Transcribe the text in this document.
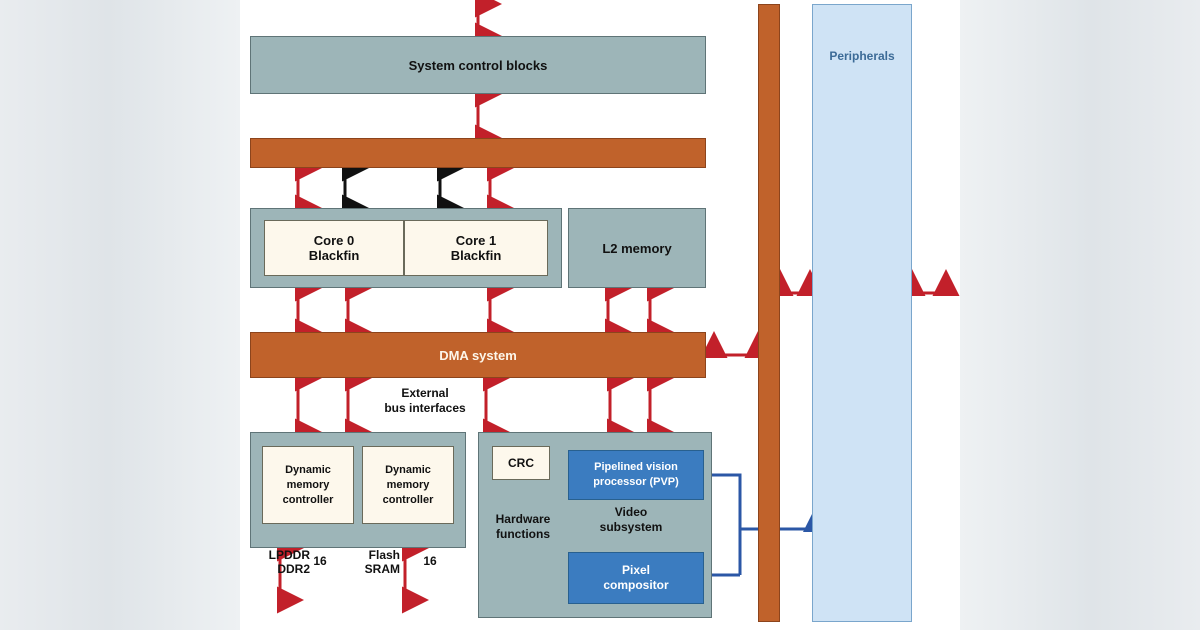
System control blocks
Core 0
Blackfin
Core 1
Blackfin	L2 memory
DMA system
External
bus interfaces
Dynamic
memory
controller
Dynamic
memory
controller
LPDDR
DDR2
16	Flash
SRAM
16
CRC
Hardware
functions
Video
subsystem
Pipelined vision
processor (PVP)
Pixel
compositor
Peripherals
